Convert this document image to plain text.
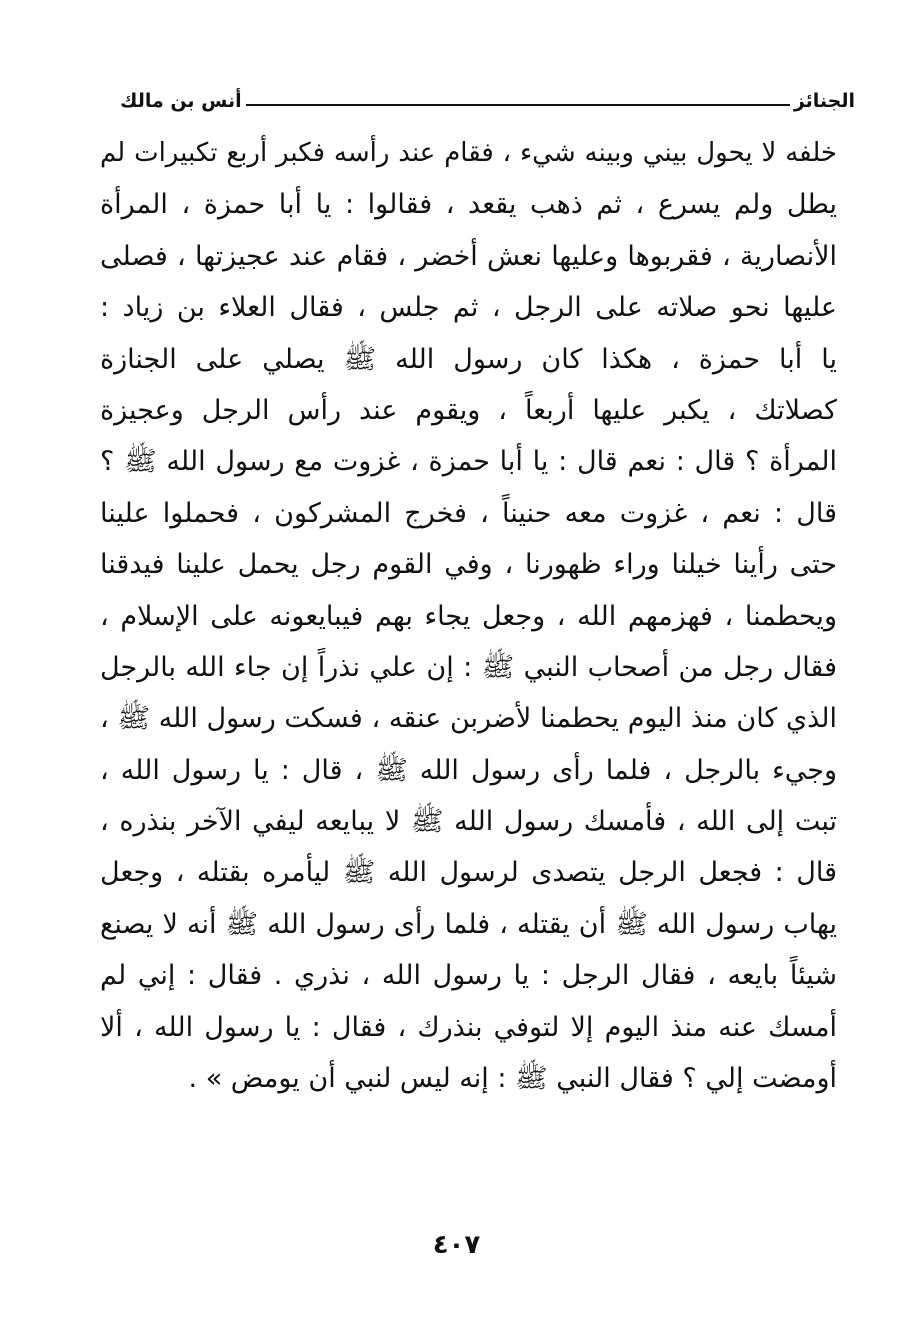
الجنائز
أنس بن مالك
خلفه لا يحول بيني وبينه شيء ، فقام عند رأسه فكبر أربع تكبيرات لم
يطل ولم يسرع ، ثم ذهب يقعد ، فقالوا : يا أبا حمزة ، المرأة
الأنصارية ، فقربوها وعليها نعش أخضر ، فقام عند عجيزتها ، فصلى
عليها نحو صلاته على الرجل ، ثم جلس ، فقال العلاء بن زياد :
يا أبا حمزة ، هكذا كان رسول الله ﷺ يصلي على الجنازة
كصلاتك ، يكبر عليها أربعاً ، ويقوم عند رأس الرجل وعجيزة
المرأة ؟ قال : نعم قال : يا أبا حمزة ، غزوت مع رسول الله ﷺ ؟
قال : نعم ، غزوت معه حنيناً ، فخرج المشركون ، فحملوا علينا
حتى رأينا خيلنا وراء ظهورنا ، وفي القوم رجل يحمل علينا فيدقنا
ويحطمنا ، فهزمهم الله ، وجعل يجاء بهم فيبايعونه على الإسلام ،
فقال رجل من أصحاب النبي ﷺ : إن علي نذراً إن جاء الله بالرجل
الذي كان منذ اليوم يحطمنا لأضربن عنقه ، فسكت رسول الله ﷺ ،
وجيء بالرجل ، فلما رأى رسول الله ﷺ ، قال : يا رسول الله ،
تبت إلى الله ، فأمسك رسول الله ﷺ لا يبايعه ليفي الآخر بنذره ،
قال : فجعل الرجل يتصدى لرسول الله ﷺ ليأمره بقتله ، وجعل
يهاب رسول الله ﷺ أن يقتله ، فلما رأى رسول الله ﷺ أنه لا يصنع
شيئاً بايعه ، فقال الرجل : يا رسول الله ، نذري . فقال : إني لم
أمسك عنه منذ اليوم إلا لتوفي بنذرك ، فقال : يا رسول الله ، ألا
أومضت إلي ؟ فقال النبي ﷺ : إنه ليس لنبي أن يومض » .
٤٠٧
